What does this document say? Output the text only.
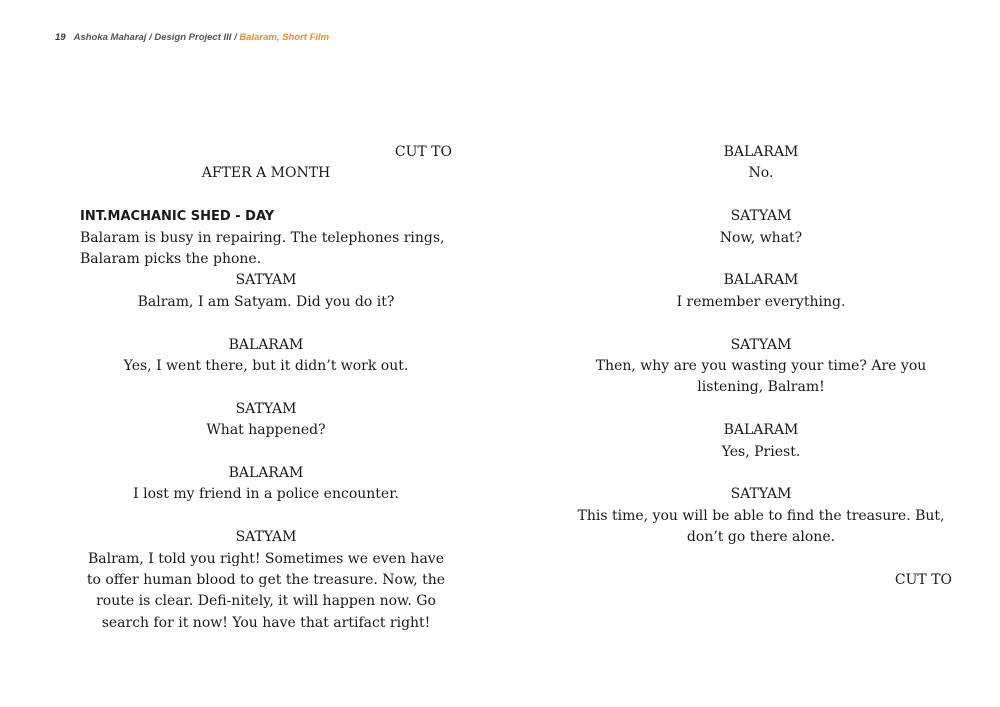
19 Ashoka Maharaj / Design Project III / Balaram, Short Film
CUT TO
AFTER A MONTH
INT.MACHANIC SHED - DAY
Balaram is busy in repairing. The telephones rings, Balaram picks the phone.
SATYAM
Balram, I am Satyam. Did you do it?
BALARAM
Yes, I went there, but it didn’t work out.
SATYAM
What happened?
BALARAM
I lost my friend in a police encounter.
SATYAM
Balram, I told you right! Sometimes we even have to offer human blood to get the treasure. Now, the route is clear. Defi-nitely, it will happen now. Go search for it now! You have that artifact right!
BALARAM
No.
SATYAM
Now, what?
BALARAM
I remember everything.
SATYAM
Then, why are you wasting your time? Are you listening, Balram!
BALARAM
Yes, Priest.
SATYAM
This time, you will be able to find the treasure. But, don’t go there alone.
CUT TO
